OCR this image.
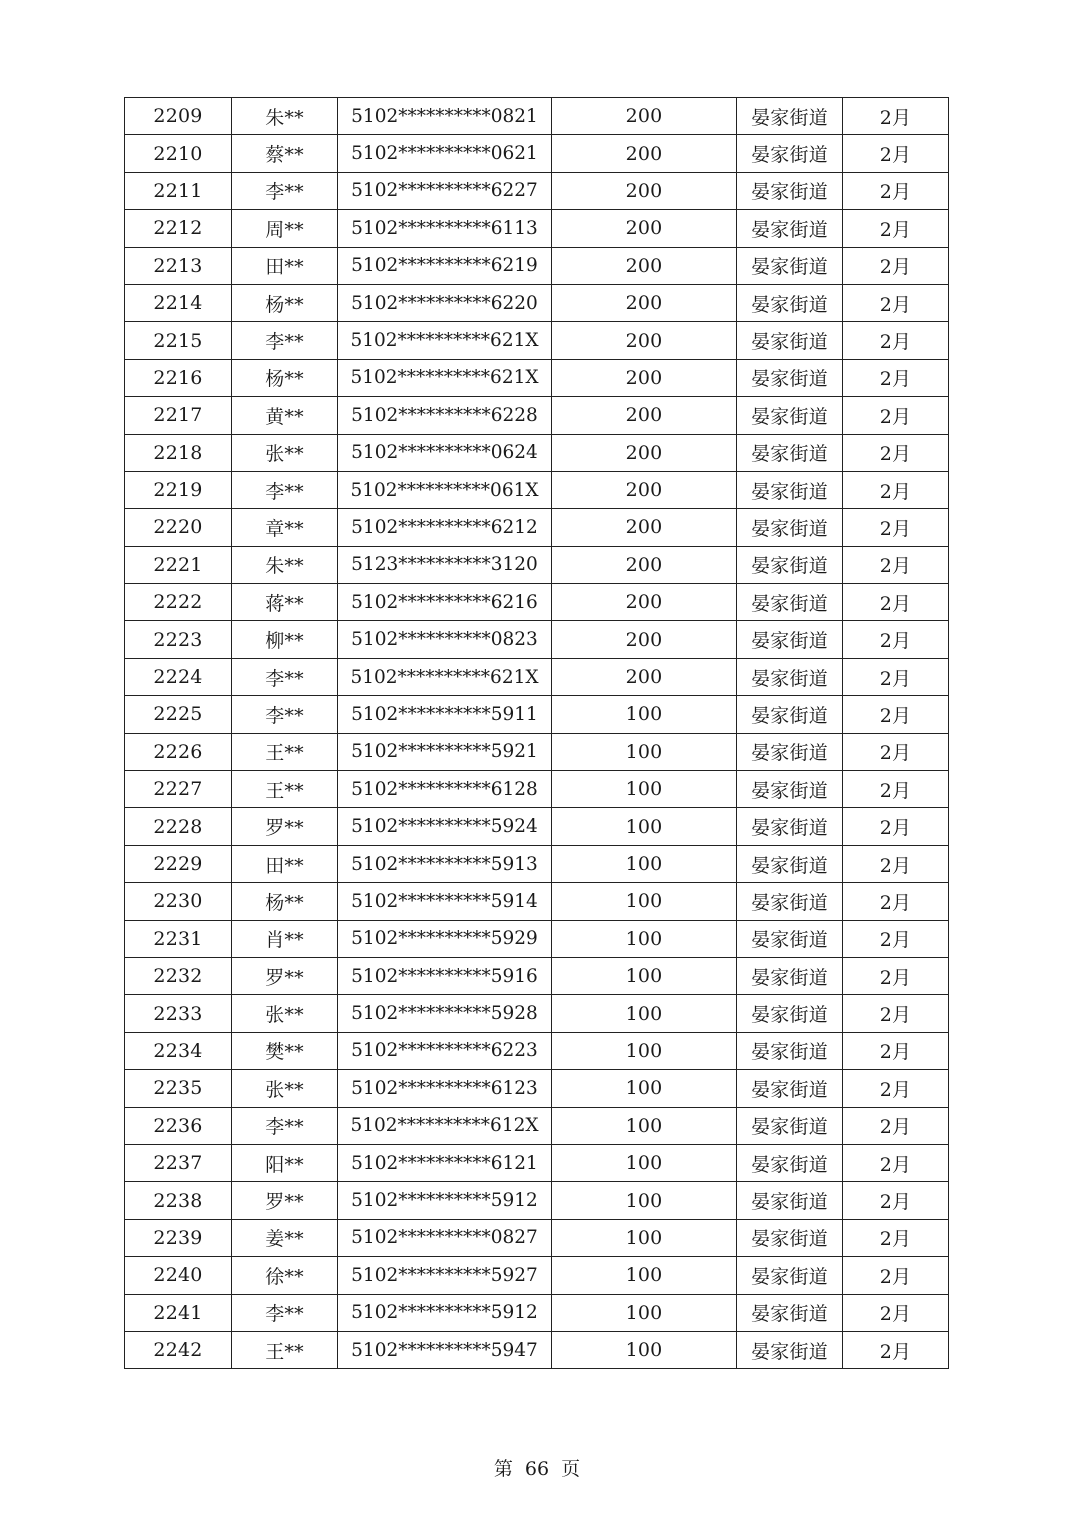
2209	朱**	5102**********0821	200	晏家街道	2月
2210	蔡**	5102**********0621	200	晏家街道	2月
2211	李**	5102**********6227	200	晏家街道	2月
2212	周**	5102**********6113	200	晏家街道	2月
2213	田**	5102**********6219	200	晏家街道	2月
2214	杨**	5102**********6220	200	晏家街道	2月
2215	李**	5102**********621X	200	晏家街道	2月
2216	杨**	5102**********621X	200	晏家街道	2月
2217	黄**	5102**********6228	200	晏家街道	2月
2218	张**	5102**********0624	200	晏家街道	2月
2219	李**	5102**********061X	200	晏家街道	2月
2220	章**	5102**********6212	200	晏家街道	2月
2221	朱**	5123**********3120	200	晏家街道	2月
2222	蒋**	5102**********6216	200	晏家街道	2月
2223	柳**	5102**********0823	200	晏家街道	2月
2224	李**	5102**********621X	200	晏家街道	2月
2225	李**	5102**********5911	100	晏家街道	2月
2226	王**	5102**********5921	100	晏家街道	2月
2227	王**	5102**********6128	100	晏家街道	2月
2228	罗**	5102**********5924	100	晏家街道	2月
2229	田**	5102**********5913	100	晏家街道	2月
2230	杨**	5102**********5914	100	晏家街道	2月
2231	肖**	5102**********5929	100	晏家街道	2月
2232	罗**	5102**********5916	100	晏家街道	2月
2233	张**	5102**********5928	100	晏家街道	2月
2234	樊**	5102**********6223	100	晏家街道	2月
2235	张**	5102**********6123	100	晏家街道	2月
2236	李**	5102**********612X	100	晏家街道	2月
2237	阳**	5102**********6121	100	晏家街道	2月
2238	罗**	5102**********5912	100	晏家街道	2月
2239	姜**	5102**********0827	100	晏家街道	2月
2240	徐**	5102**********5927	100	晏家街道	2月
2241	李**	5102**********5912	100	晏家街道	2月
2242	王**	5102**********5947	100	晏家街道	2月
第 66 页
